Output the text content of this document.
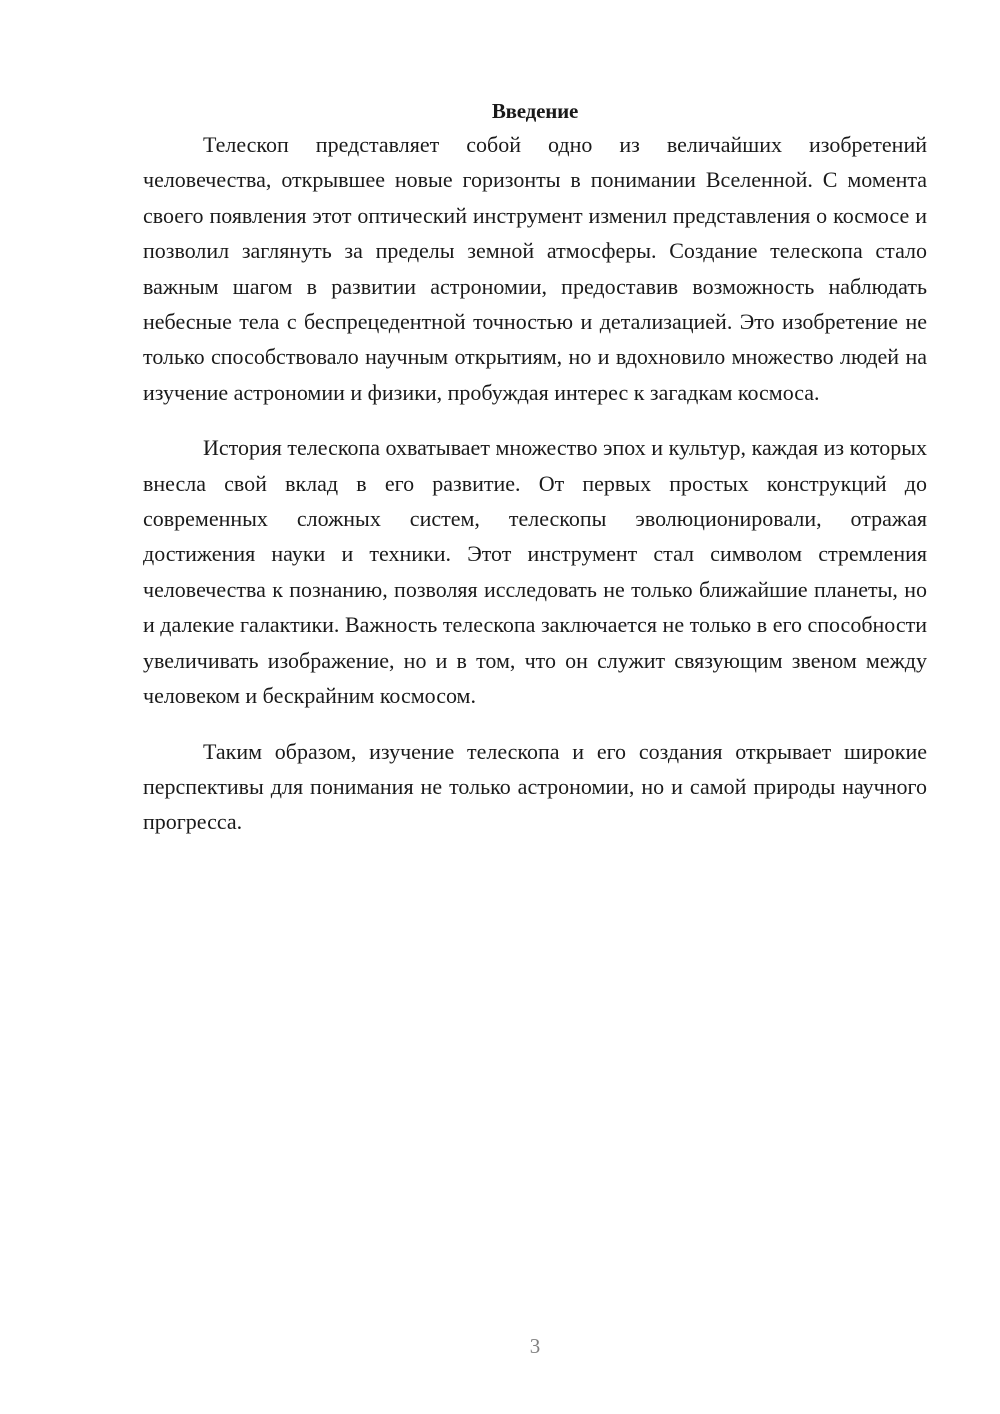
Введение

Телескоп представляет собой одно из величайших изобретений человечества, открывшее новые горизонты в понимании Вселенной. С момента своего появления этот оптический инструмент изменил представления о космосе и позволил заглянуть за пределы земной атмосферы. Создание телескопа стало важным шагом в развитии астрономии, предоставив возможность наблюдать небесные тела с беспрецедентной точностью и детализацией. Это изобретение не только способствовало научным открытиям, но и вдохновило множество людей на изучение астрономии и физики, пробуждая интерес к загадкам космоса.

История телескопа охватывает множество эпох и культур, каждая из которых внесла свой вклад в его развитие. От первых простых конструкций до современных сложных систем, телескопы эволюционировали, отражая достижения науки и техники. Этот инструмент стал символом стремления человечества к познанию, позволяя исследовать не только ближайшие планеты, но и далекие галактики. Важность телескопа заключается не только в его способности увеличивать изображение, но и в том, что он служит связующим звеном между человеком и бескрайним космосом.

Таким образом, изучение телескопа и его создания открывает широкие перспективы для понимания не только астрономии, но и самой природы научного прогресса.

3
